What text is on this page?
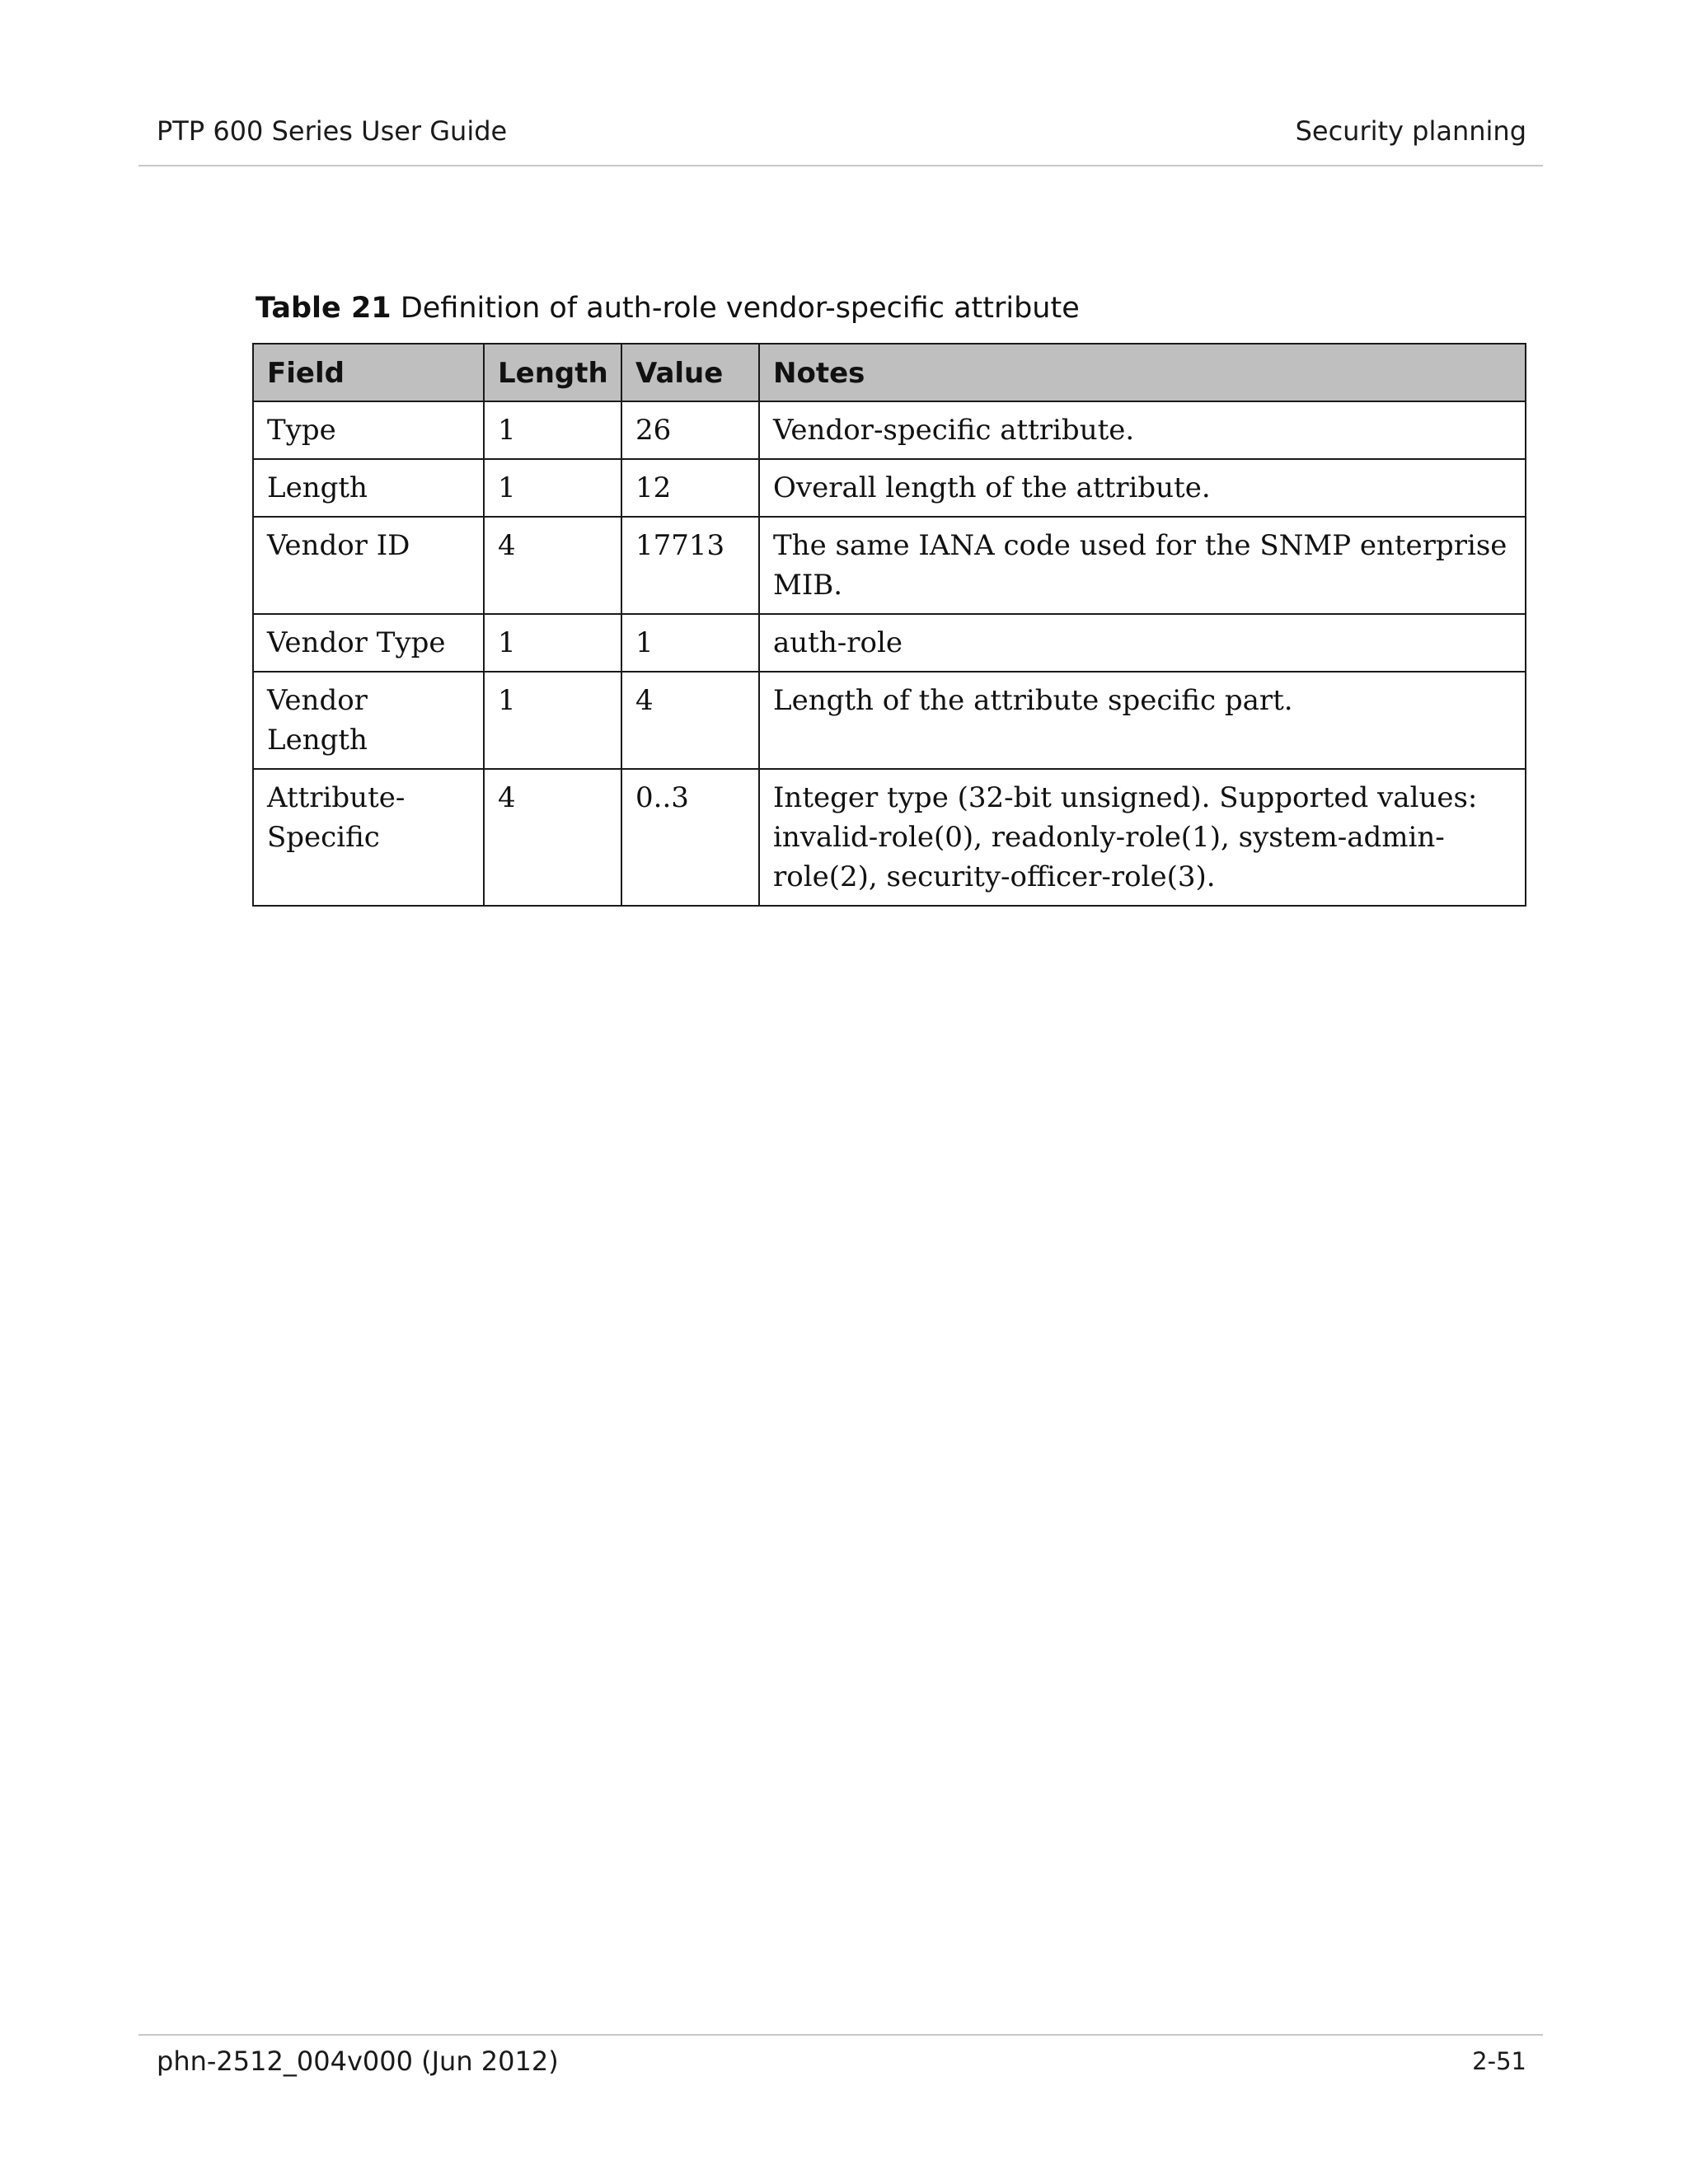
PTP 600 Series User Guide	Security planning
Table 21 Definition of auth-role vendor-specific attribute
Field	Length	Value	Notes
Type	1	26	Vendor-specific attribute.
Length	1	12	Overall length of the attribute.
Vendor ID	4	17713	The same IANA code used for the SNMP enterprise MIB.
Vendor Type	1	1	auth-role
Vendor Length	1	4	Length of the attribute specific part.
Attribute-Specific	4	0..3	Integer type (32-bit unsigned). Supported values: invalid-role(0), readonly-role(1), system-admin-role(2), security-officer-role(3).
phn-2512_004v000 (Jun 2012)	2-51
